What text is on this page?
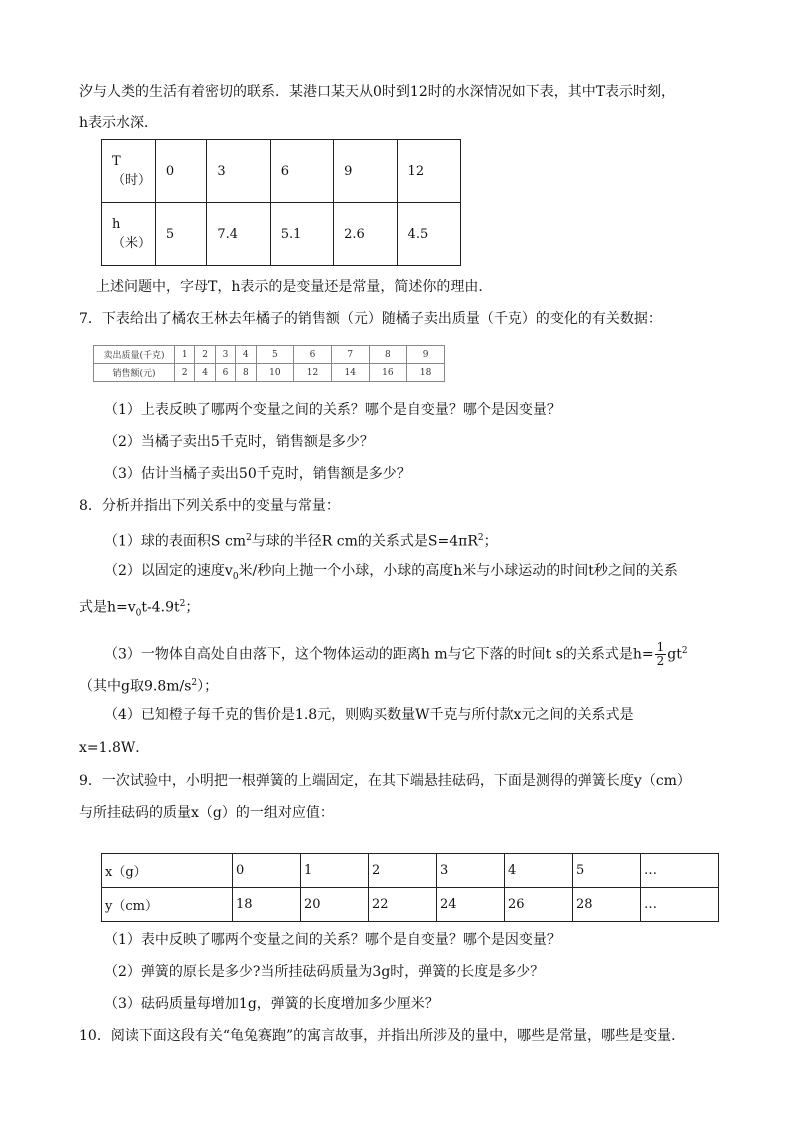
汐与人类的生活有着密切的联系．某港口某天从0时到12时的水深情况如下表，其中T表示时刻，
h表示水深．
T
（时）	0	3	6	9	12

h
（米）	5	7.4	5.1	2.6	4.5
上述问题中，字母T，h表示的是变量还是常量，简述你的理由．
7．下表给出了橘农王林去年橘子的销售额（元）随橘子卖出质量（千克）的变化的有关数据：
卖出质量(千克)	1	2	3	4	5	6	7	8	9
销售额(元)	2	4	6	8	10	12	14	16	18
（1）上表反映了哪两个变量之间的关系？哪个是自变量？哪个是因变量？
（2）当橘子卖出5千克时，销售额是多少？
（3）估计当橘子卖出50千克时，销售额是多少？
8．分析并指出下列关系中的变量与常量：
（1）球的表面积S $cm^2$与球的半径R cm的关系式是$S=4\pi R^2$；
（2）以固定的速度$v_0$米/秒向上抛一个小球，小球的高度h米与小球运动的时间t秒之间的关系
式是$h=v_0t-4.9t^2$；
（3）一物体自高处自由落下，这个物体运动的距离h m与它下落的时间t s的关系式是$h= \frac{1}{2} gt^2$
（其中g取$9.8m/s^2$）；
（4）已知橙子每千克的售价是1.8元，则购买数量W千克与所付款x元之间的关系式是
x=1.8W．
9．一次试验中，小明把一根弹簧的上端固定，在其下端悬挂砝码，下面是测得的弹簧长度y（cm）
与所挂砝码的质量x（g）的一组对应值：
x（g）	0	1	2	3	4	5	…
y（cm）	18	20	22	24	26	28	…
（1）表中反映了哪两个变量之间的关系？哪个是自变量？哪个是因变量？
（2）弹簧的原长是多少?当所挂砝码质量为3g时，弹簧的长度是多少？
（3）砝码质量每增加1g，弹簧的长度增加多少厘米？
10．阅读下面这段有关“龟兔赛跑”的寓言故事，并指出所涉及的量中，哪些是常量，哪些是变量．
